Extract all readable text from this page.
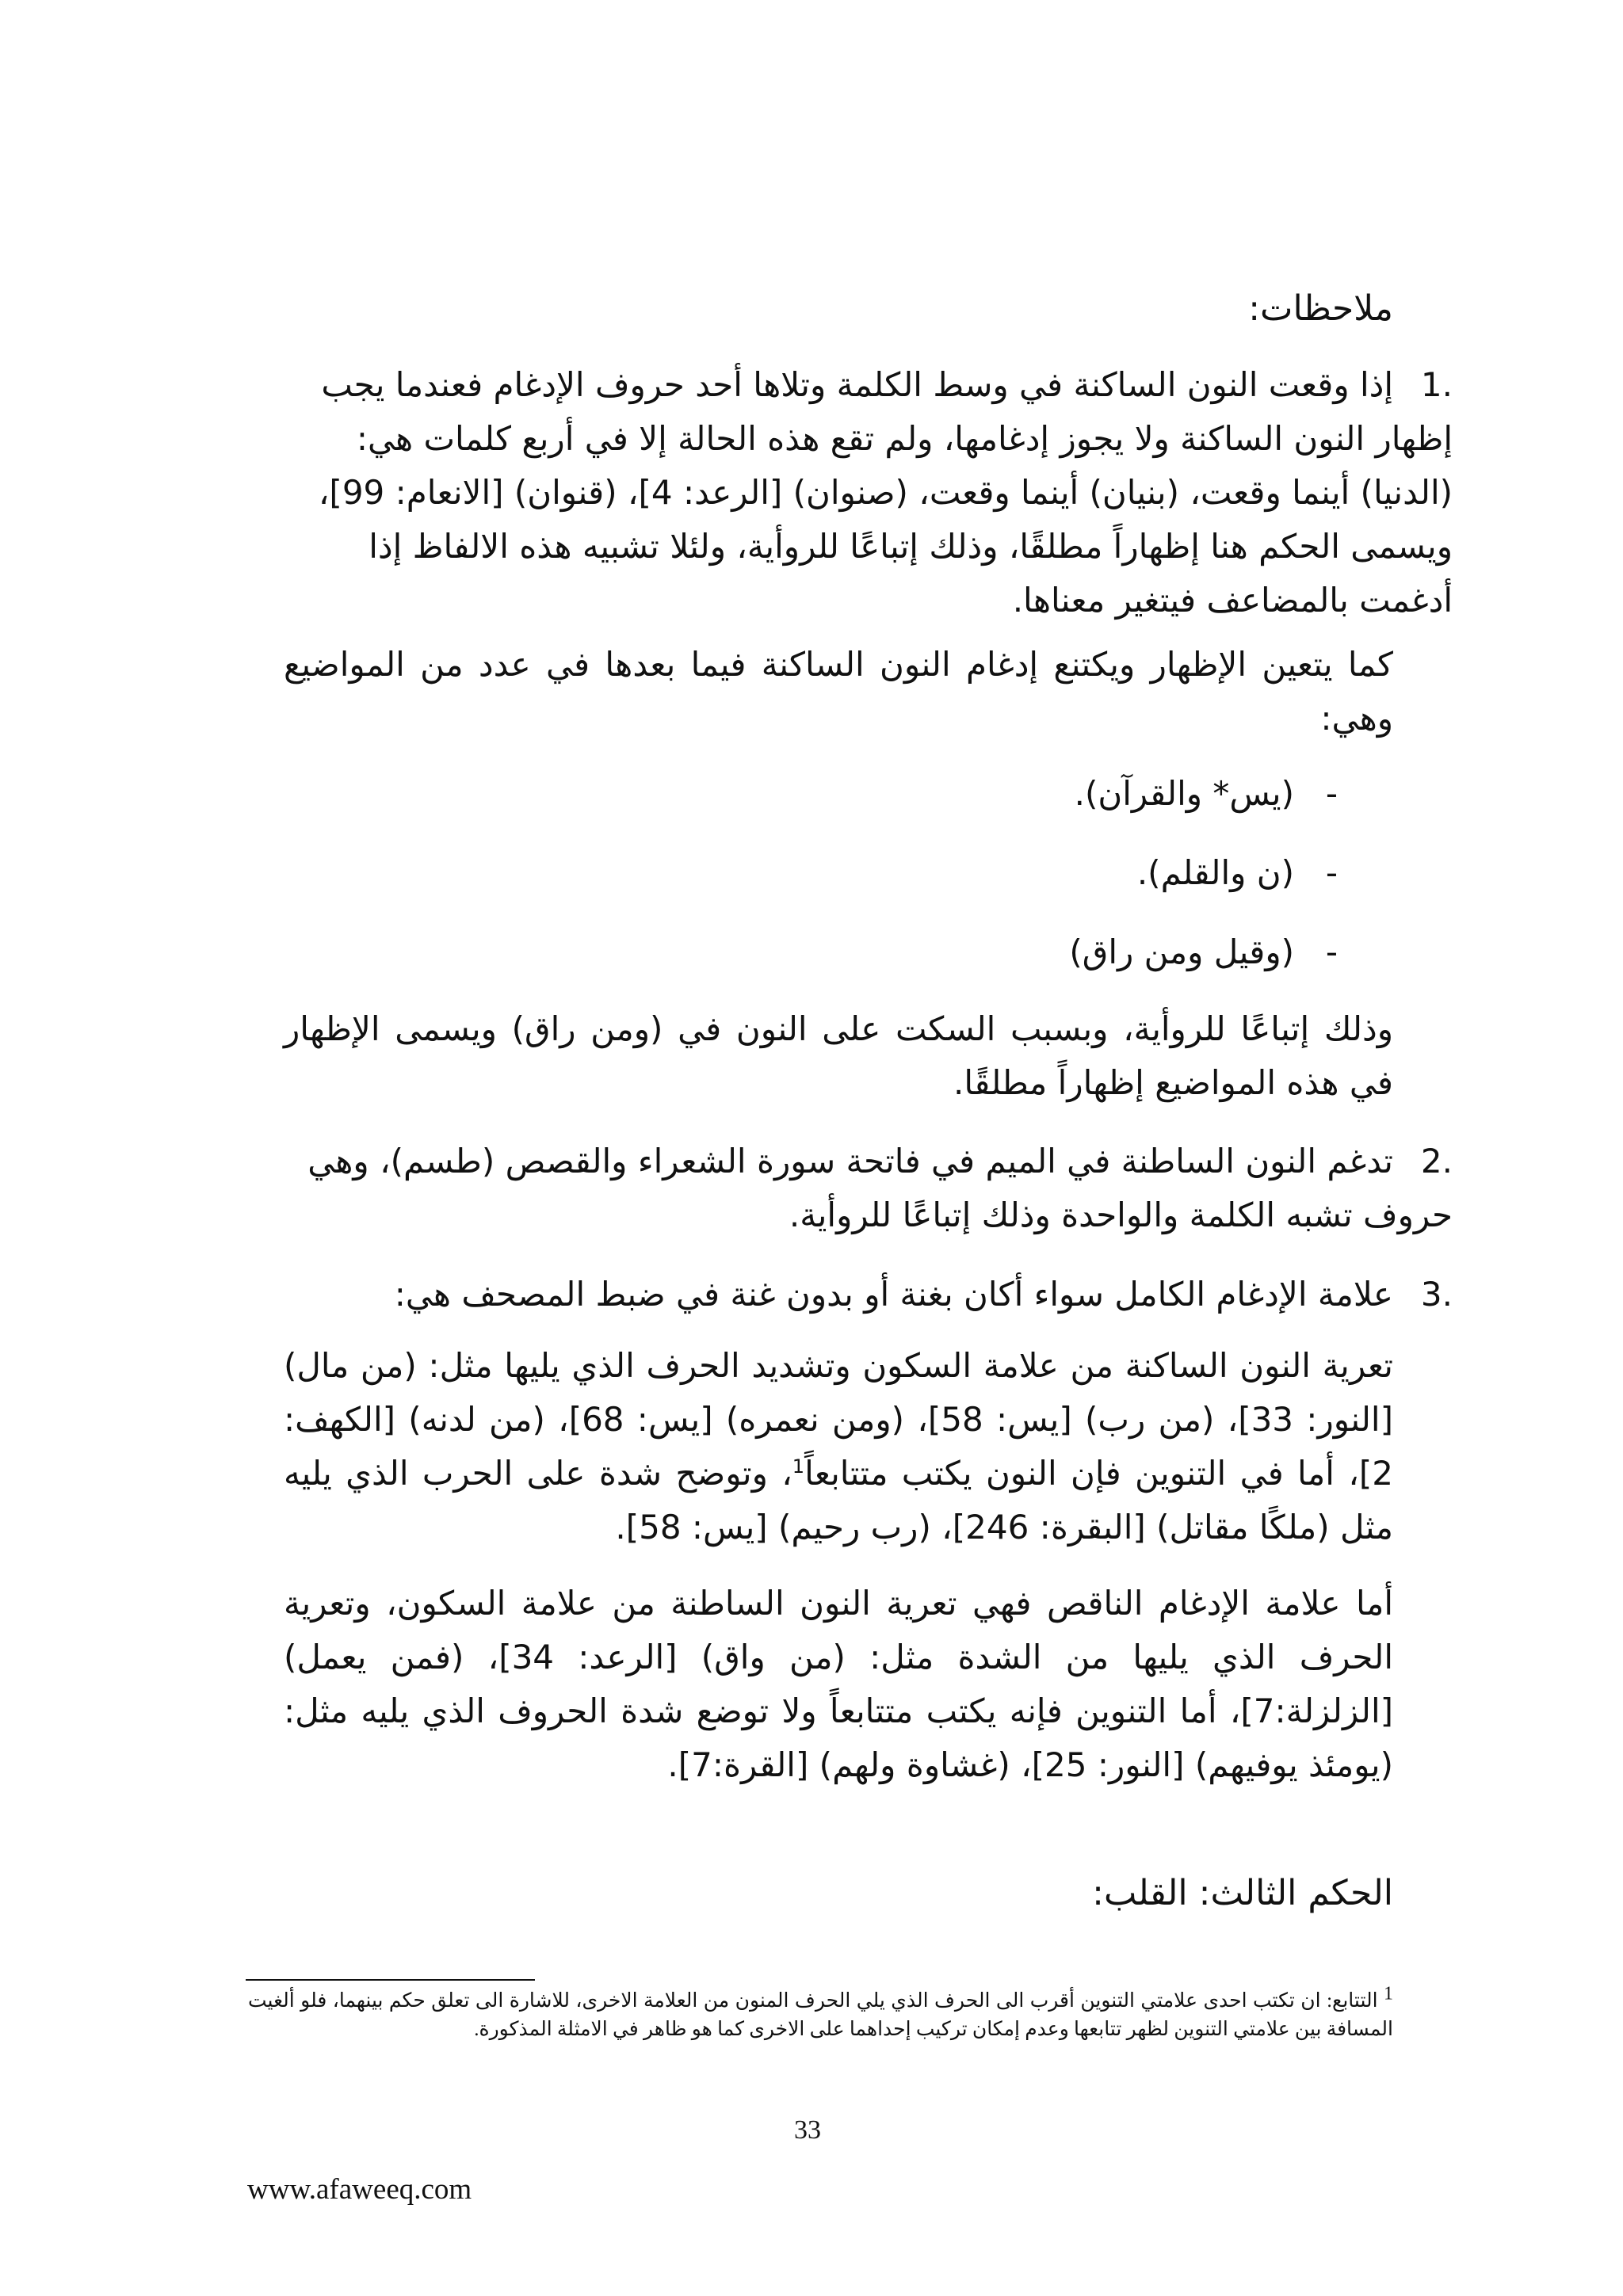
ملاحظات:
.1إذا وقعت النون الساكنة في وسط الكلمة وتلاها أحد حروف الإدغام فعندما يجب إظهار النون الساكنة ولا يجوز إدغامها، ولم تقع هذه الحالة إلا في أربع كلمات هي: (الدنيا) أينما وقعت، (بنيان) أينما وقعت، (صنوان) [الرعد: 4]، (قنوان) [الانعام: 99]، ويسمى الحكم هنا إظهاراً مطلقًا، وذلك إتباعًا للروأية، ولئلا تشبيه هذه الالفاظ إذا أدغمت بالمضاعف فيتغير معناها.
كما يتعين الإظهار ويكتنع إدغام النون الساكنة فيما بعدها في عدد من المواضيع وهي:
-(يس* والقرآن).
-(ن والقلم).
-(وقيل ومن راق)
وذلك إتباعًا للروأية، وبسبب السكت على النون في (ومن راق) ويسمى الإظهار في هذه المواضيع إظهاراً مطلقًا.
.2تدغم النون الساطنة في الميم في فاتحة سورة الشعراء والقصص (طسم)، وهي حروف تشبه الكلمة والواحدة وذلك إتباعًا للروأية.
.3علامة الإدغام الكامل سواء أكان بغنة أو بدون غنة في ضبط المصحف هي:
تعرية النون الساكنة من علامة السكون وتشديد الحرف الذي يليها مثل: (من مال) [النور: 33]، (من رب) [يس: 58]، (ومن نعمره) [يس: 68]، (من لدنه) [الكهف: 2]، أما في التنوين فإن النون يكتب متتابعاً$^1$، وتوضح شدة على الحرب الذي يليه مثل (ملكًا مقاتل) [البقرة: 246]، (رب رحيم) [يس: 58].
أما علامة الإدغام الناقص فهي تعرية النون الساطنة من علامة السكون، وتعرية الحرف الذي يليها من الشدة مثل: (من واق) [الرعد: 34]، (فمن يعمل) [الزلزلة:7]، أما التنوين فإنه يكتب متتابعاً ولا توضع شدة الحروف الذي يليه مثل: (يومئذ يوفيهم) [النور: 25]، (غشاوة ولهم) [القرة:7].
الحكم الثالث: القلب:
1 التتابع: ان تكتب احدى علامتي التنوين أقرب الى الحرف الذي يلي الحرف المنون من العلامة الاخرى، للاشارة الى تعلق حكم بينهما، فلو ألغيت المسافة بين علامتي التنوين لظهر تتابعها وعدم إمكان تركيب إحداهما على الاخرى كما هو ظاهر في الامثلة المذكورة.
33
www.afaweeq.com
